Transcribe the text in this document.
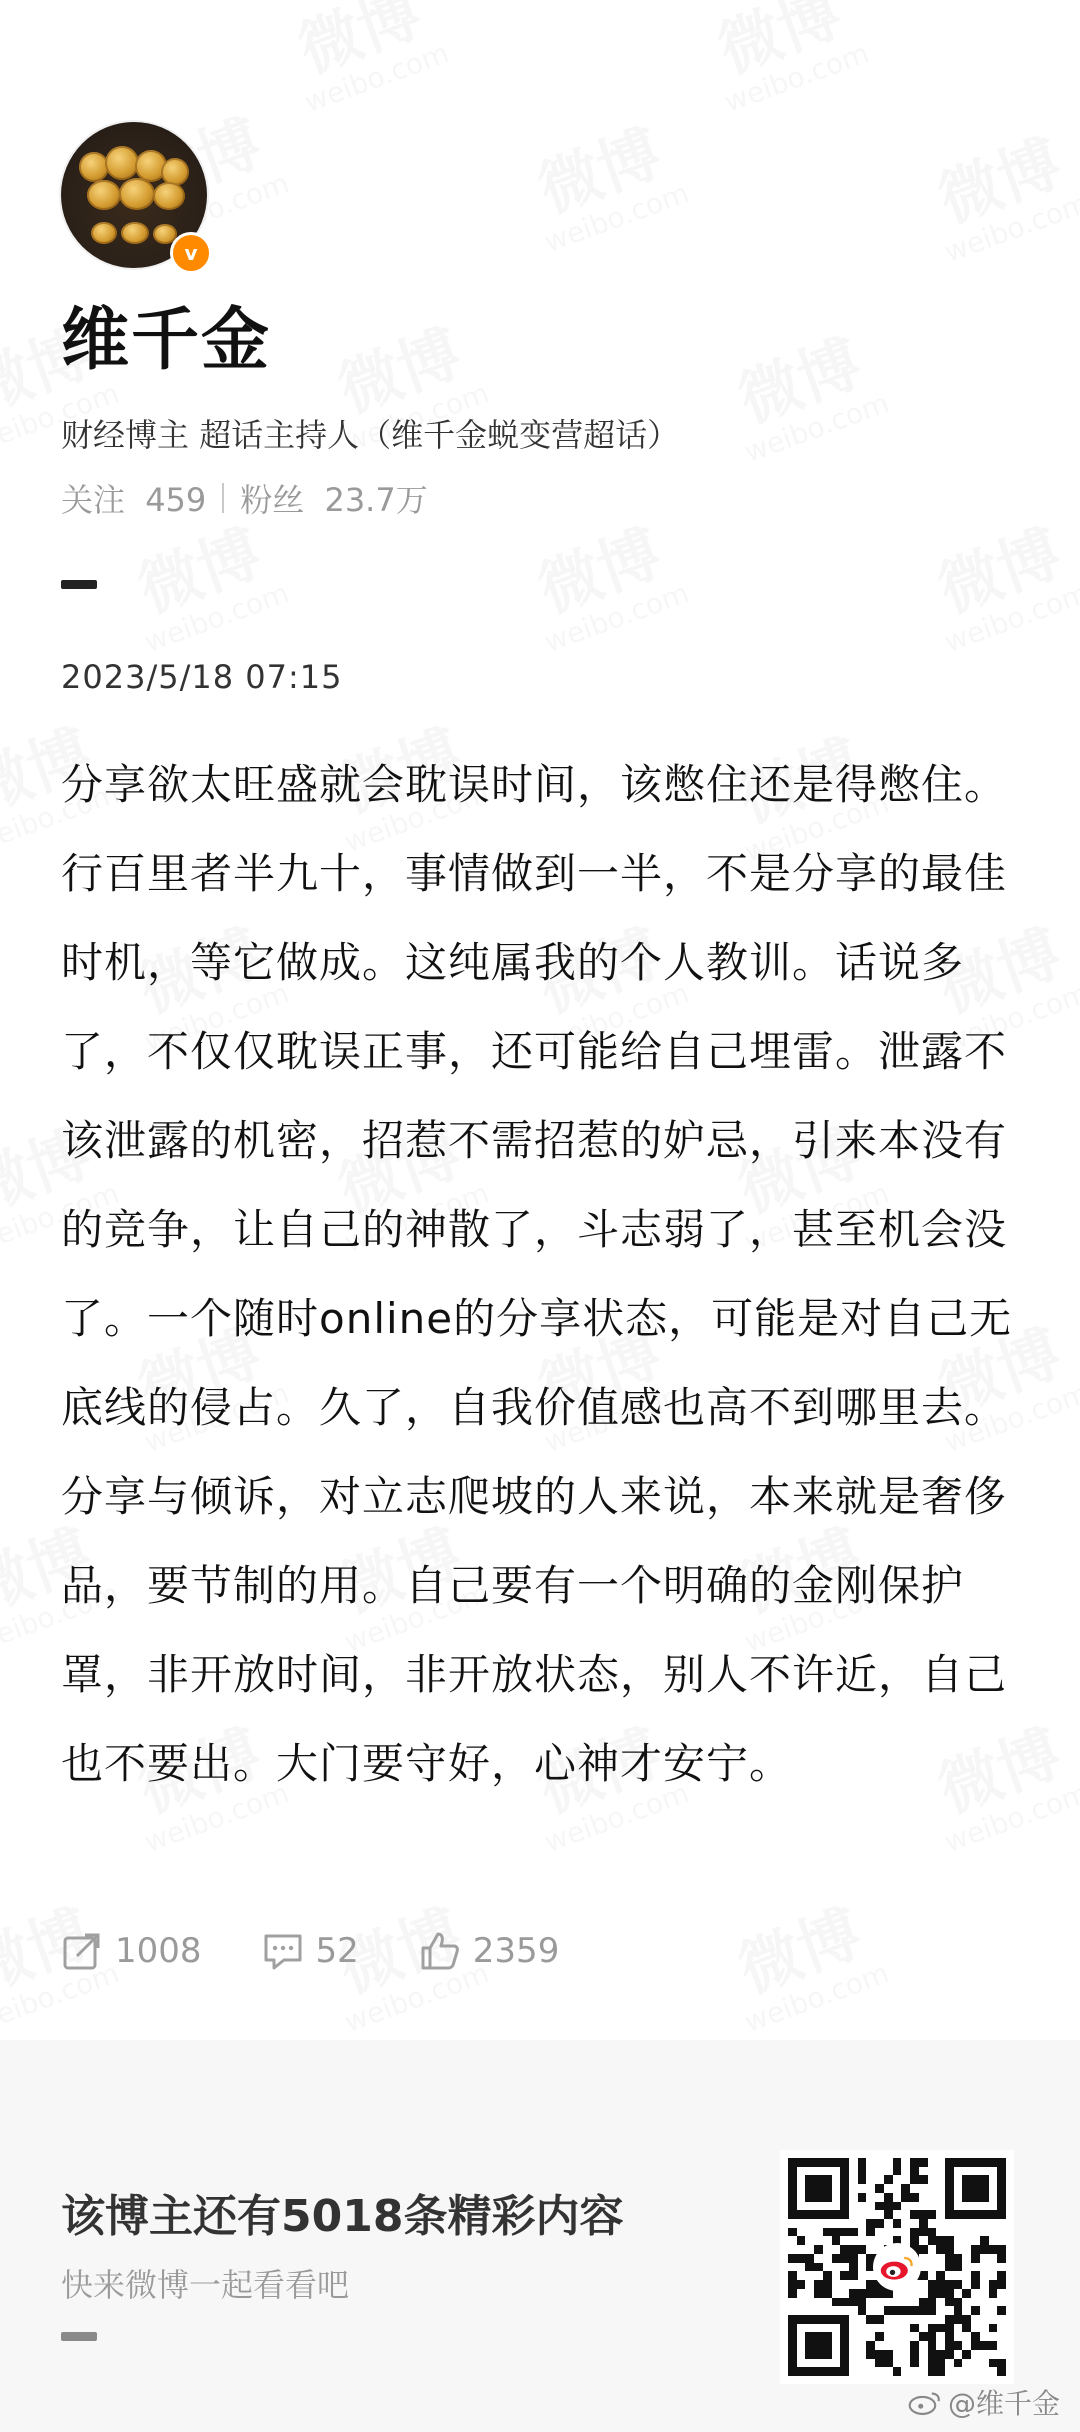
v
维千金
财经博主 超话主持人（维千金蜕变营超话）
关注 459 粉丝 23.7万
2023/5/18 07:15
分享欲太旺盛就会耽误时间，该憋住还是得憋住。行百里者半九十，事情做到一半，不是分享的最佳时机，等它做成。这纯属我的个人教训。话说多了，不仅仅耽误正事，还可能给自己埋雷。泄露不该泄露的机密，招惹不需招惹的妒忌，引来本没有的竞争，让自己的神散了，斗志弱了，甚至机会没了。一个随时online的分享状态，可能是对自己无底线的侵占。久了，自我价值感也高不到哪里去。分享与倾诉，对立志爬坡的人来说，本来就是奢侈品，要节制的用。自己要有一个明确的金刚保护罩，非开放时间，非开放状态，别人不许近，自己也不要出。大门要守好，心神才安宁。
1008	52	2359
该博主还有5018条精彩内容
快来微博一起看看吧
@维千金
